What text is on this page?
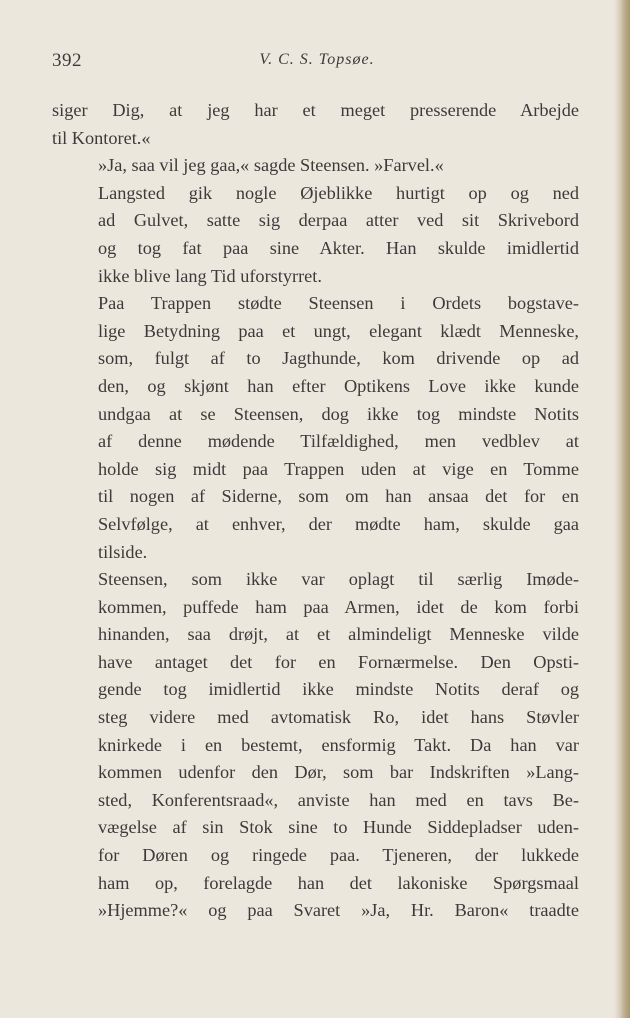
392	V. C. S. Topsøe.

siger Dig, at jeg har et meget presserende Arbejde
til Kontoret.«

»Ja, saa vil jeg gaa,« sagde Steensen. »Farvel.«

Langsted gik nogle Øjeblikke hurtigt op og ned
ad Gulvet, satte sig derpaa atter ved sit Skrivebord
og tog fat paa sine Akter. Han skulde imidlertid
ikke blive lang Tid uforstyrret.

Paa Trappen stødte Steensen i Ordets bogstave-
lige Betydning paa et ungt, elegant klædt Menneske,
som, fulgt af to Jagthunde, kom drivende op ad
den, og skjønt han efter Optikens Love ikke kunde
undgaa at se Steensen, dog ikke tog mindste Notits
af denne mødende Tilfældighed, men vedblev at
holde sig midt paa Trappen uden at vige en Tomme
til nogen af Siderne, som om han ansaa det for en
Selvfølge, at enhver, der mødte ham, skulde gaa
tilside.

Steensen, som ikke var oplagt til særlig Imøde-
kommen, puffede ham paa Armen, idet de kom forbi
hinanden, saa drøjt, at et almindeligt Menneske vilde
have antaget det for en Fornærmelse. Den Opsti-
gende tog imidlertid ikke mindste Notits deraf og
steg videre med avtomatisk Ro, idet hans Støvler
knirkede i en bestemt, ensformig Takt. Da han var
kommen udenfor den Dør, som bar Indskriften »Lang-
sted, Konferentsraad«, anviste han med en tavs Be-
vægelse af sin Stok sine to Hunde Siddepladser uden-
for Døren og ringede paa. Tjeneren, der lukkede
ham op, forelagde han det lakoniske Spørgsmaal
»Hjemme?« og paa Svaret »Ja, Hr. Baron« traadte
